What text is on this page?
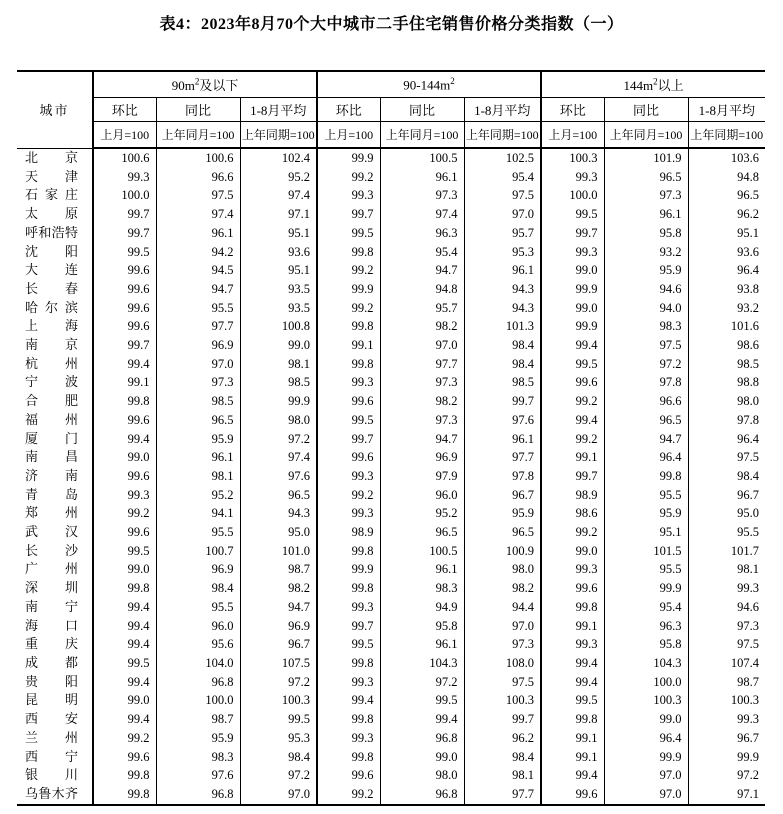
表4：2023年8月70个大中城市二手住宅销售价格分类指数（一）
城市	$90m^2$及以下			$90-144m^2$			$144m^2$以上		
	环比	同比	1-8月平均	环比	同比	1-8月平均	环比	同比	1-8月平均
	上月=100	上年同月=100	上年同期=100	上月=100	上年同月=100	上年同期=100	上月=100	上年同月=100	上年同期=100
北京	100.6	100.6	102.4	99.9	100.5	102.5	100.3	101.9	103.6
天津	99.3	96.6	95.2	99.2	96.1	95.4	99.3	96.5	94.8
石家庄	100.0	97.5	97.4	99.3	97.3	97.5	100.0	97.3	96.5
太原	99.7	97.4	97.1	99.7	97.4	97.0	99.5	96.1	96.2
呼和浩特	99.7	96.1	95.1	99.5	96.3	95.7	99.7	95.8	95.1
沈阳	99.5	94.2	93.6	99.8	95.4	95.3	99.3	93.2	93.6
大连	99.6	94.5	95.1	99.2	94.7	96.1	99.0	95.9	96.4
长春	99.6	94.7	93.5	99.9	94.8	94.3	99.9	94.6	93.8
哈尔滨	99.6	95.5	93.5	99.2	95.7	94.3	99.0	94.0	93.2
上海	99.6	97.7	100.8	99.8	98.2	101.3	99.9	98.3	101.6
南京	99.7	96.9	99.0	99.1	97.0	98.4	99.4	97.5	98.6
杭州	99.4	97.0	98.1	99.8	97.7	98.4	99.5	97.2	98.5
宁波	99.1	97.3	98.5	99.3	97.3	98.5	99.6	97.8	98.8
合肥	99.8	98.5	99.9	99.6	98.2	99.7	99.2	96.6	98.0
福州	99.6	96.5	98.0	99.5	97.3	97.6	99.4	96.5	97.8
厦门	99.4	95.9	97.2	99.7	94.7	96.1	99.2	94.7	96.4
南昌	99.0	96.1	97.4	99.6	96.9	97.7	99.1	96.4	97.5
济南	99.6	98.1	97.6	99.3	97.9	97.8	99.7	99.8	98.4
青岛	99.3	95.2	96.5	99.2	96.0	96.7	98.9	95.5	96.7
郑州	99.2	94.1	94.3	99.3	95.2	95.9	98.6	95.9	95.0
武汉	99.6	95.5	95.0	98.9	96.5	96.5	99.2	95.1	95.5
长沙	99.5	100.7	101.0	99.8	100.5	100.9	99.0	101.5	101.7
广州	99.0	96.9	98.7	99.9	96.1	98.0	99.3	95.5	98.1
深圳	99.8	98.4	98.2	99.8	98.3	98.2	99.6	99.9	99.3
南宁	99.4	95.5	94.7	99.3	94.9	94.4	99.8	95.4	94.6
海口	99.4	96.0	96.9	99.7	95.8	97.0	99.1	96.3	97.3
重庆	99.4	95.6	96.7	99.5	96.1	97.3	99.3	95.8	97.5
成都	99.5	104.0	107.5	99.8	104.3	108.0	99.4	104.3	107.4
贵阳	99.4	96.8	97.2	99.3	97.2	97.5	99.4	100.0	98.7
昆明	99.0	100.0	100.3	99.4	99.5	100.3	99.5	100.3	100.3
西安	99.4	98.7	99.5	99.8	99.4	99.7	99.8	99.0	99.3
兰州	99.2	95.9	95.3	99.3	96.8	96.2	99.1	96.4	96.7
西宁	99.6	98.3	98.4	99.8	99.0	98.4	99.1	99.9	99.9
银川	99.8	97.6	97.2	99.6	98.0	98.1	99.4	97.0	97.2
乌鲁木齐	99.8	96.8	97.0	99.2	96.8	97.7	99.6	97.0	97.1
